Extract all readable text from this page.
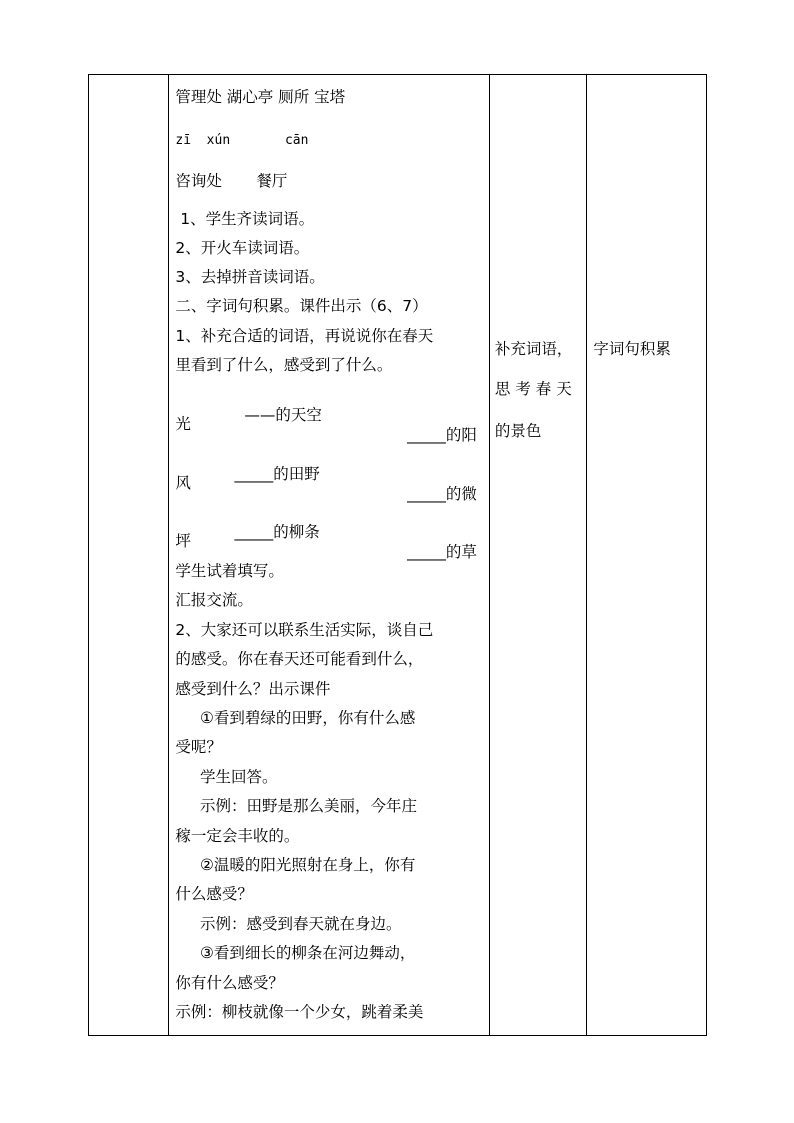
管理处 湖心亭 厕所 宝塔
zī  xún       cān
咨询处       餐厅
1、学生齐读词语。
2、开火车读词语。
3、去掉拼音读词语。
二、字词句积累。课件出示（6、7）
1、补充合适的词语，再说说你在春天
里看到了什么，感受到了什么。

——的天空

_____的阳

光

_____的田野

_____的微

风

_____的柳条

_____的草

坪
学生试着填写。
汇报交流。
2、大家还可以联系生活实际，谈自己
的感受。你在春天还可能看到什么，
感受到什么？出示课件
①看到碧绿的田野，你有什么感
受呢？
学生回答。
示例：田野是那么美丽，今年庄
稼一定会丰收的。
②温暖的阳光照射在身上，你有
什么感受？
示例：感受到春天就在身边。
③看到细长的柳条在河边舞动，
你有什么感受？
示例：柳枝就像一个少女，跳着柔美

补充词语，
思 考 春 天
的景色

字词句积累
